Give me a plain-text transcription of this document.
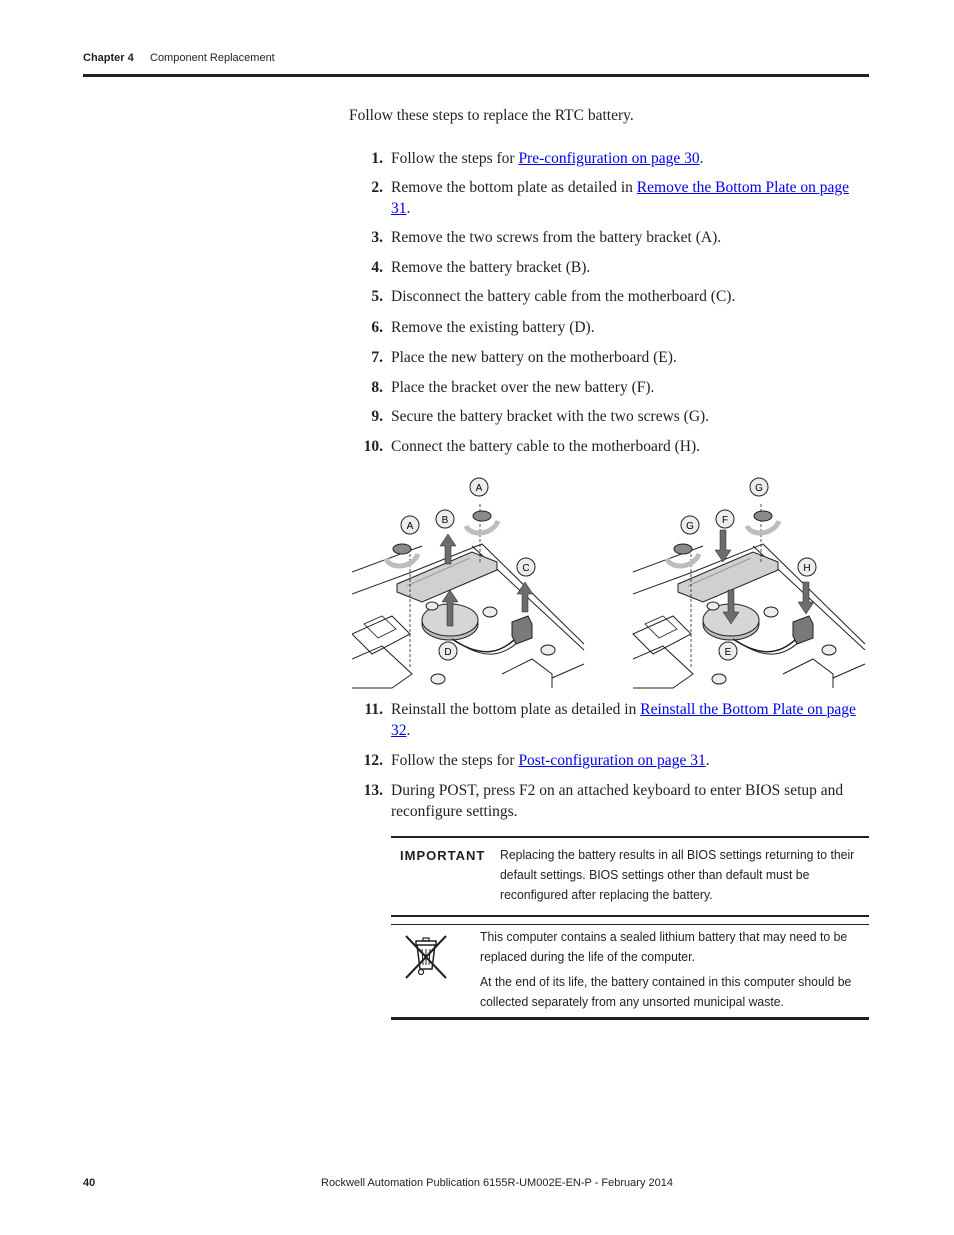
Chapter 4 Component Replacement
Follow these steps to replace the RTC battery.
1. Follow the steps for Pre-configuration on page 30.
2. Remove the bottom plate as detailed in Remove the Bottom Plate on page 31.
3. Remove the two screws from the battery bracket (A).
4. Remove the battery bracket (B).
5. Disconnect the battery cable from the motherboard (C).
6. Remove the existing battery (D).
7. Place the new battery on the motherboard (E).
8. Place the bracket over the new battery (F).
9. Secure the battery bracket with the two screws (G).
10. Connect the battery cable to the motherboard (H).
A
A
B
C
D
G
G
F
H
E
11. Reinstall the bottom plate as detailed in Reinstall the Bottom Plate on page 32.
12. Follow the steps for Post-configuration on page 31.
13. During POST, press F2 on an attached keyboard to enter BIOS setup and reconfigure settings.
IMPORTANT Replacing the battery results in all BIOS settings returning to their default settings. BIOS settings other than default must be reconfigured after replacing the battery.
This computer contains a sealed lithium battery that may need to be replaced during the life of the computer.
At the end of its life, the battery contained in this computer should be collected separately from any unsorted municipal waste.
40	Rockwell Automation Publication 6155R-UM002E-EN-P - February 2014
